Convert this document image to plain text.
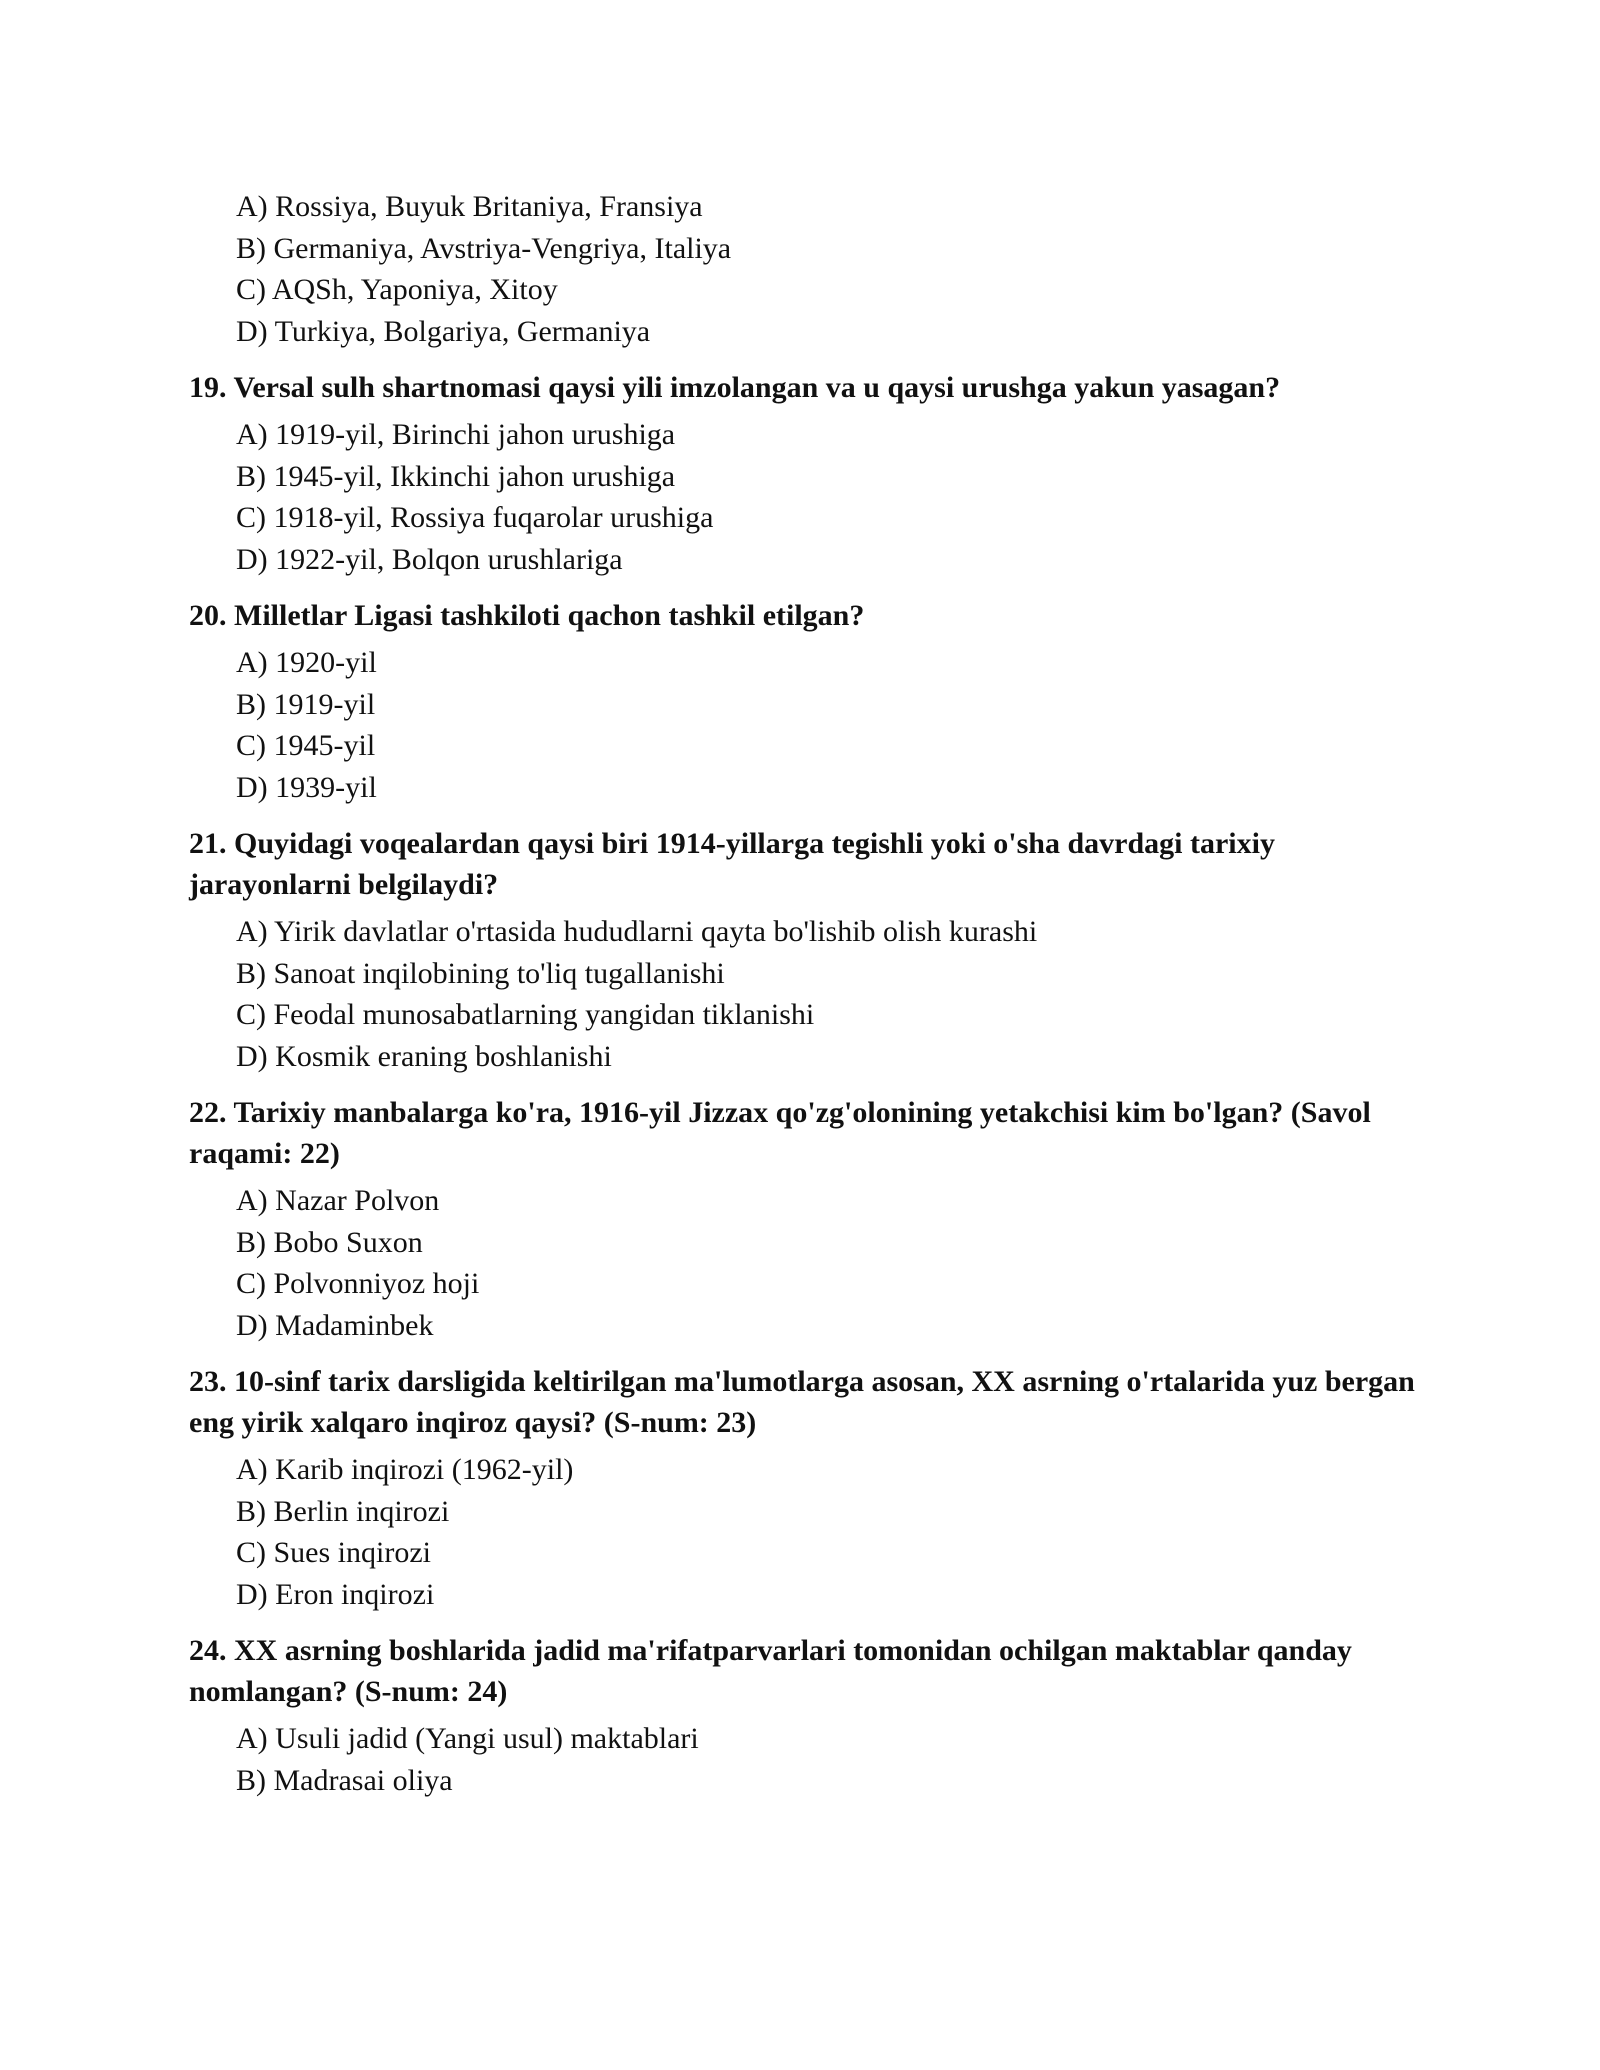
A) Rossiya, Buyuk Britaniya, Fransiya

B) Germaniya, Avstriya-Vengriya, Italiya

C) AQSh, Yaponiya, Xitoy

D) Turkiya, Bolgariya, Germaniya

19. Versal sulh shartnomasi qaysi yili imzolangan va u qaysi urushga yakun yasagan?

A) 1919-yil, Birinchi jahon urushiga

B) 1945-yil, Ikkinchi jahon urushiga

C) 1918-yil, Rossiya fuqarolar urushiga

D) 1922-yil, Bolqon urushlariga

20. Milletlar Ligasi tashkiloti qachon tashkil etilgan?

A) 1920-yil

B) 1919-yil

C) 1945-yil

D) 1939-yil

21. Quyidagi voqealardan qaysi biri 1914-yillarga tegishli yoki o'sha davrdagi tarixiy jarayonlarni belgilaydi?

A) Yirik davlatlar o'rtasida hududlarni qayta bo'lishib olish kurashi

B) Sanoat inqilobining to'liq tugallanishi

C) Feodal munosabatlarning yangidan tiklanishi

D) Kosmik eraning boshlanishi

22. Tarixiy manbalarga ko'ra, 1916-yil Jizzax qo'zg'olonining yetakchisi kim bo'lgan? (Savol raqami: 22)

A) Nazar Polvon

B) Bobo Suxon

C) Polvonniyoz hoji

D) Madaminbek

23. 10-sinf tarix darsligida keltirilgan ma'lumotlarga asosan, XX asrning o'rtalarida yuz bergan eng yirik xalqaro inqiroz qaysi? (S-num: 23)

A) Karib inqirozi (1962-yil)

B) Berlin inqirozi

C) Sues inqirozi

D) Eron inqirozi

24. XX asrning boshlarida jadid ma'rifatparvarlari tomonidan ochilgan maktablar qanday nomlangan? (S-num: 24)

A) Usuli jadid (Yangi usul) maktablari

B) Madrasai oliya
